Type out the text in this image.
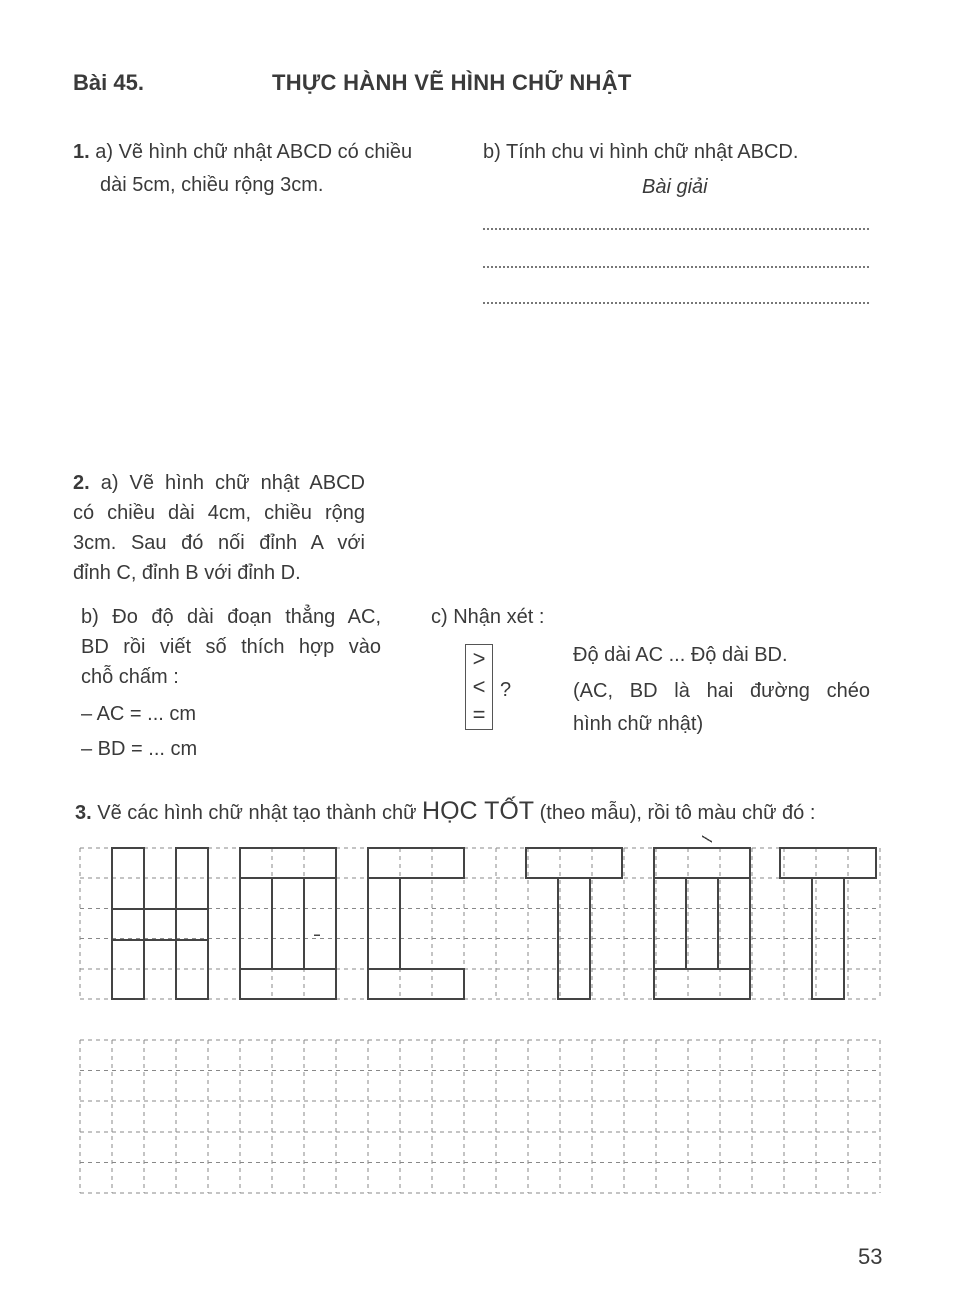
Bài 45.	THỰC HÀNH VẼ HÌNH CHỮ NHẬT
1. a) Vẽ hình chữ nhật ABCD có chiều
dài 5cm, chiều rộng 3cm.
b) Tính chu vi hình chữ nhật ABCD.
Bài giải
2. a) Vẽ hình chữ nhật ABCD
có chiều dài 4cm, chiều rộng
3cm. Sau đó nối đỉnh A với
đỉnh C, đỉnh B với đỉnh D.
b) Đo độ dài đoạn thẳng AC,
BD rồi viết số thích hợp vào
chỗ chấm :
– AC = ... cm
– BD = ... cm
c) Nhận xét :
>
<
=
?
Độ dài AC ... Độ dài BD.
(AC, BD là hai đường chéo
hình chữ nhật)
3. Vẽ các hình chữ nhật tạo thành chữ HỌC TỐT (theo mẫu), rồi tô màu chữ đó :
53
